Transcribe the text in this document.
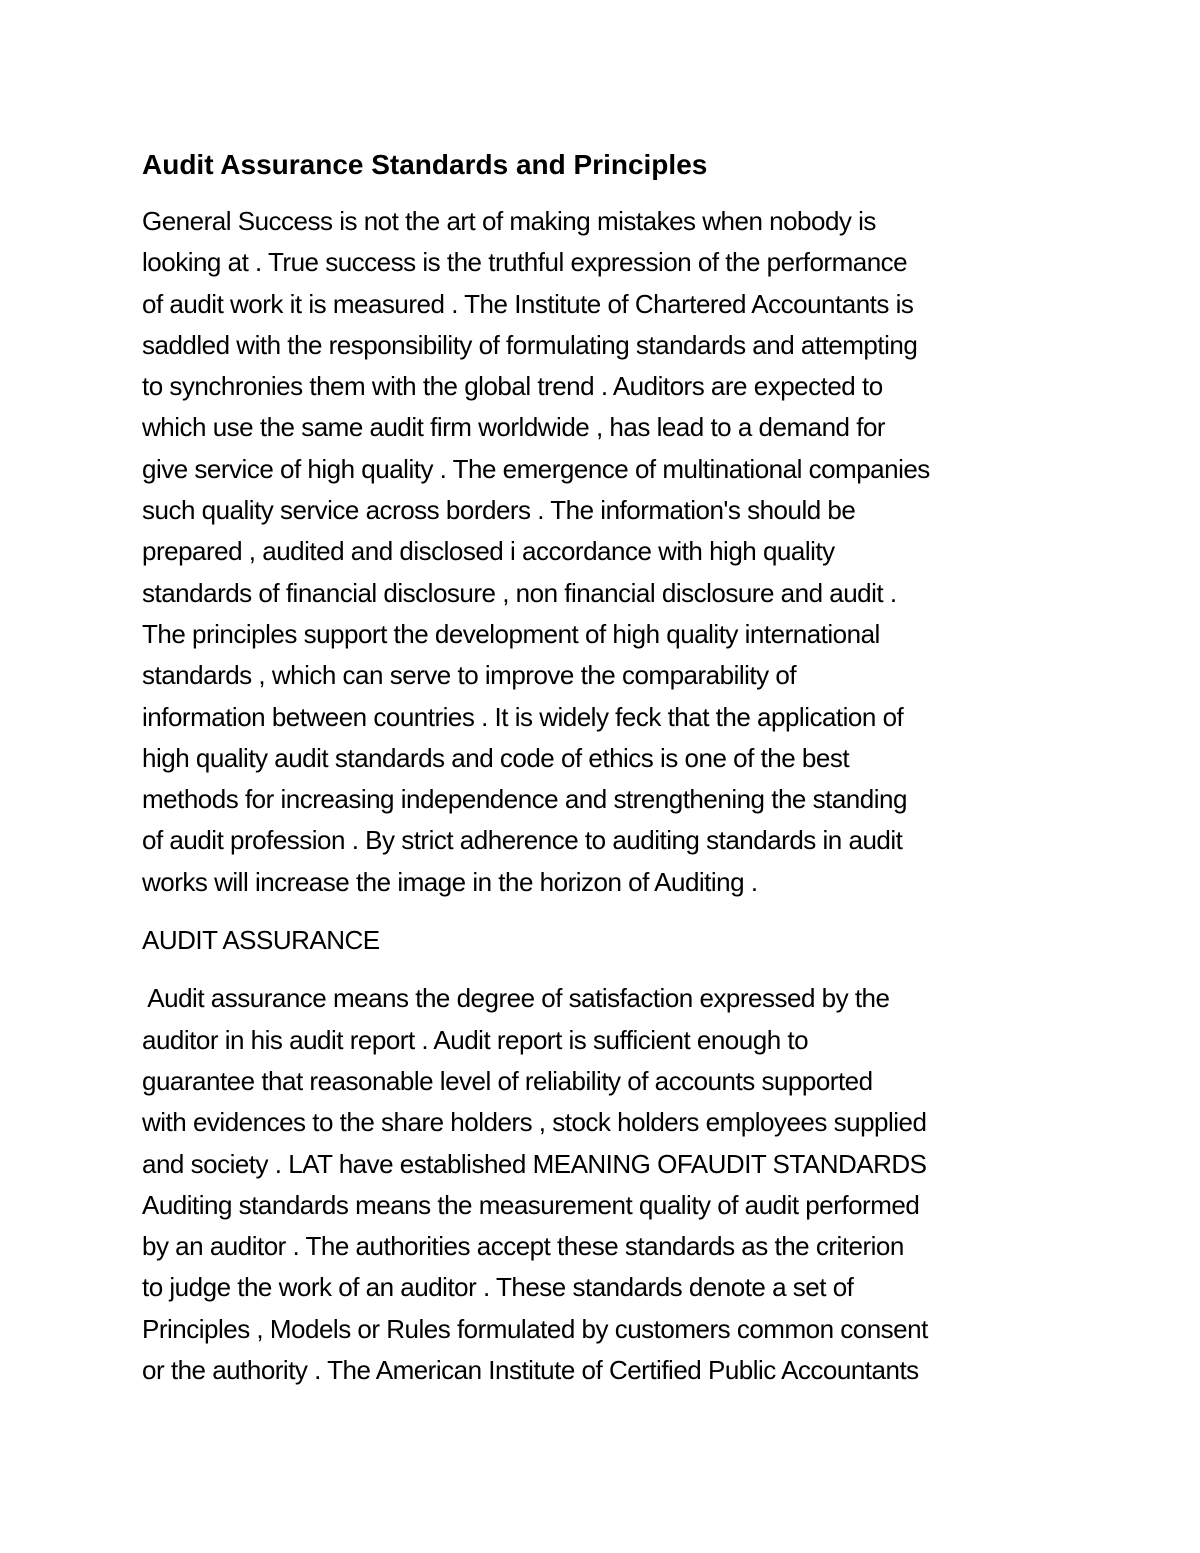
Audit Assurance Standards and Principles
General Success is not the art of making mistakes when nobody is
looking at . True success is the truthful expression of the performance
of audit work it is measured . The Institute of Chartered Accountants is
saddled with the responsibility of formulating standards and attempting
to synchronies them with the global trend . Auditors are expected to
which use the same audit firm worldwide , has lead to a demand for
give service of high quality . The emergence of multinational companies
such quality service across borders . The information's should be
prepared , audited and disclosed i accordance with high quality
standards of financial disclosure , non financial disclosure and audit .
The principles support the development of high quality international
standards , which can serve to improve the comparability of
information between countries . It is widely feck that the application of
high quality audit standards and code of ethics is one of the best
methods for increasing independence and strengthening the standing
of audit profession . By strict adherence to auditing standards in audit
works will increase the image in the horizon of Auditing .
AUDIT ASSURANCE
Audit assurance means the degree of satisfaction expressed by the
auditor in his audit report . Audit report is sufficient enough to
guarantee that reasonable level of reliability of accounts supported
with evidences to the share holders , stock holders employees supplied
and society . LAT have established MEANING OFAUDIT STANDARDS
Auditing standards means the measurement quality of audit performed
by an auditor . The authorities accept these standards as the criterion
to judge the work of an auditor . These standards denote a set of
Principles , Models or Rules formulated by customers common consent
or the authority . The American Institute of Certified Public Accountants
